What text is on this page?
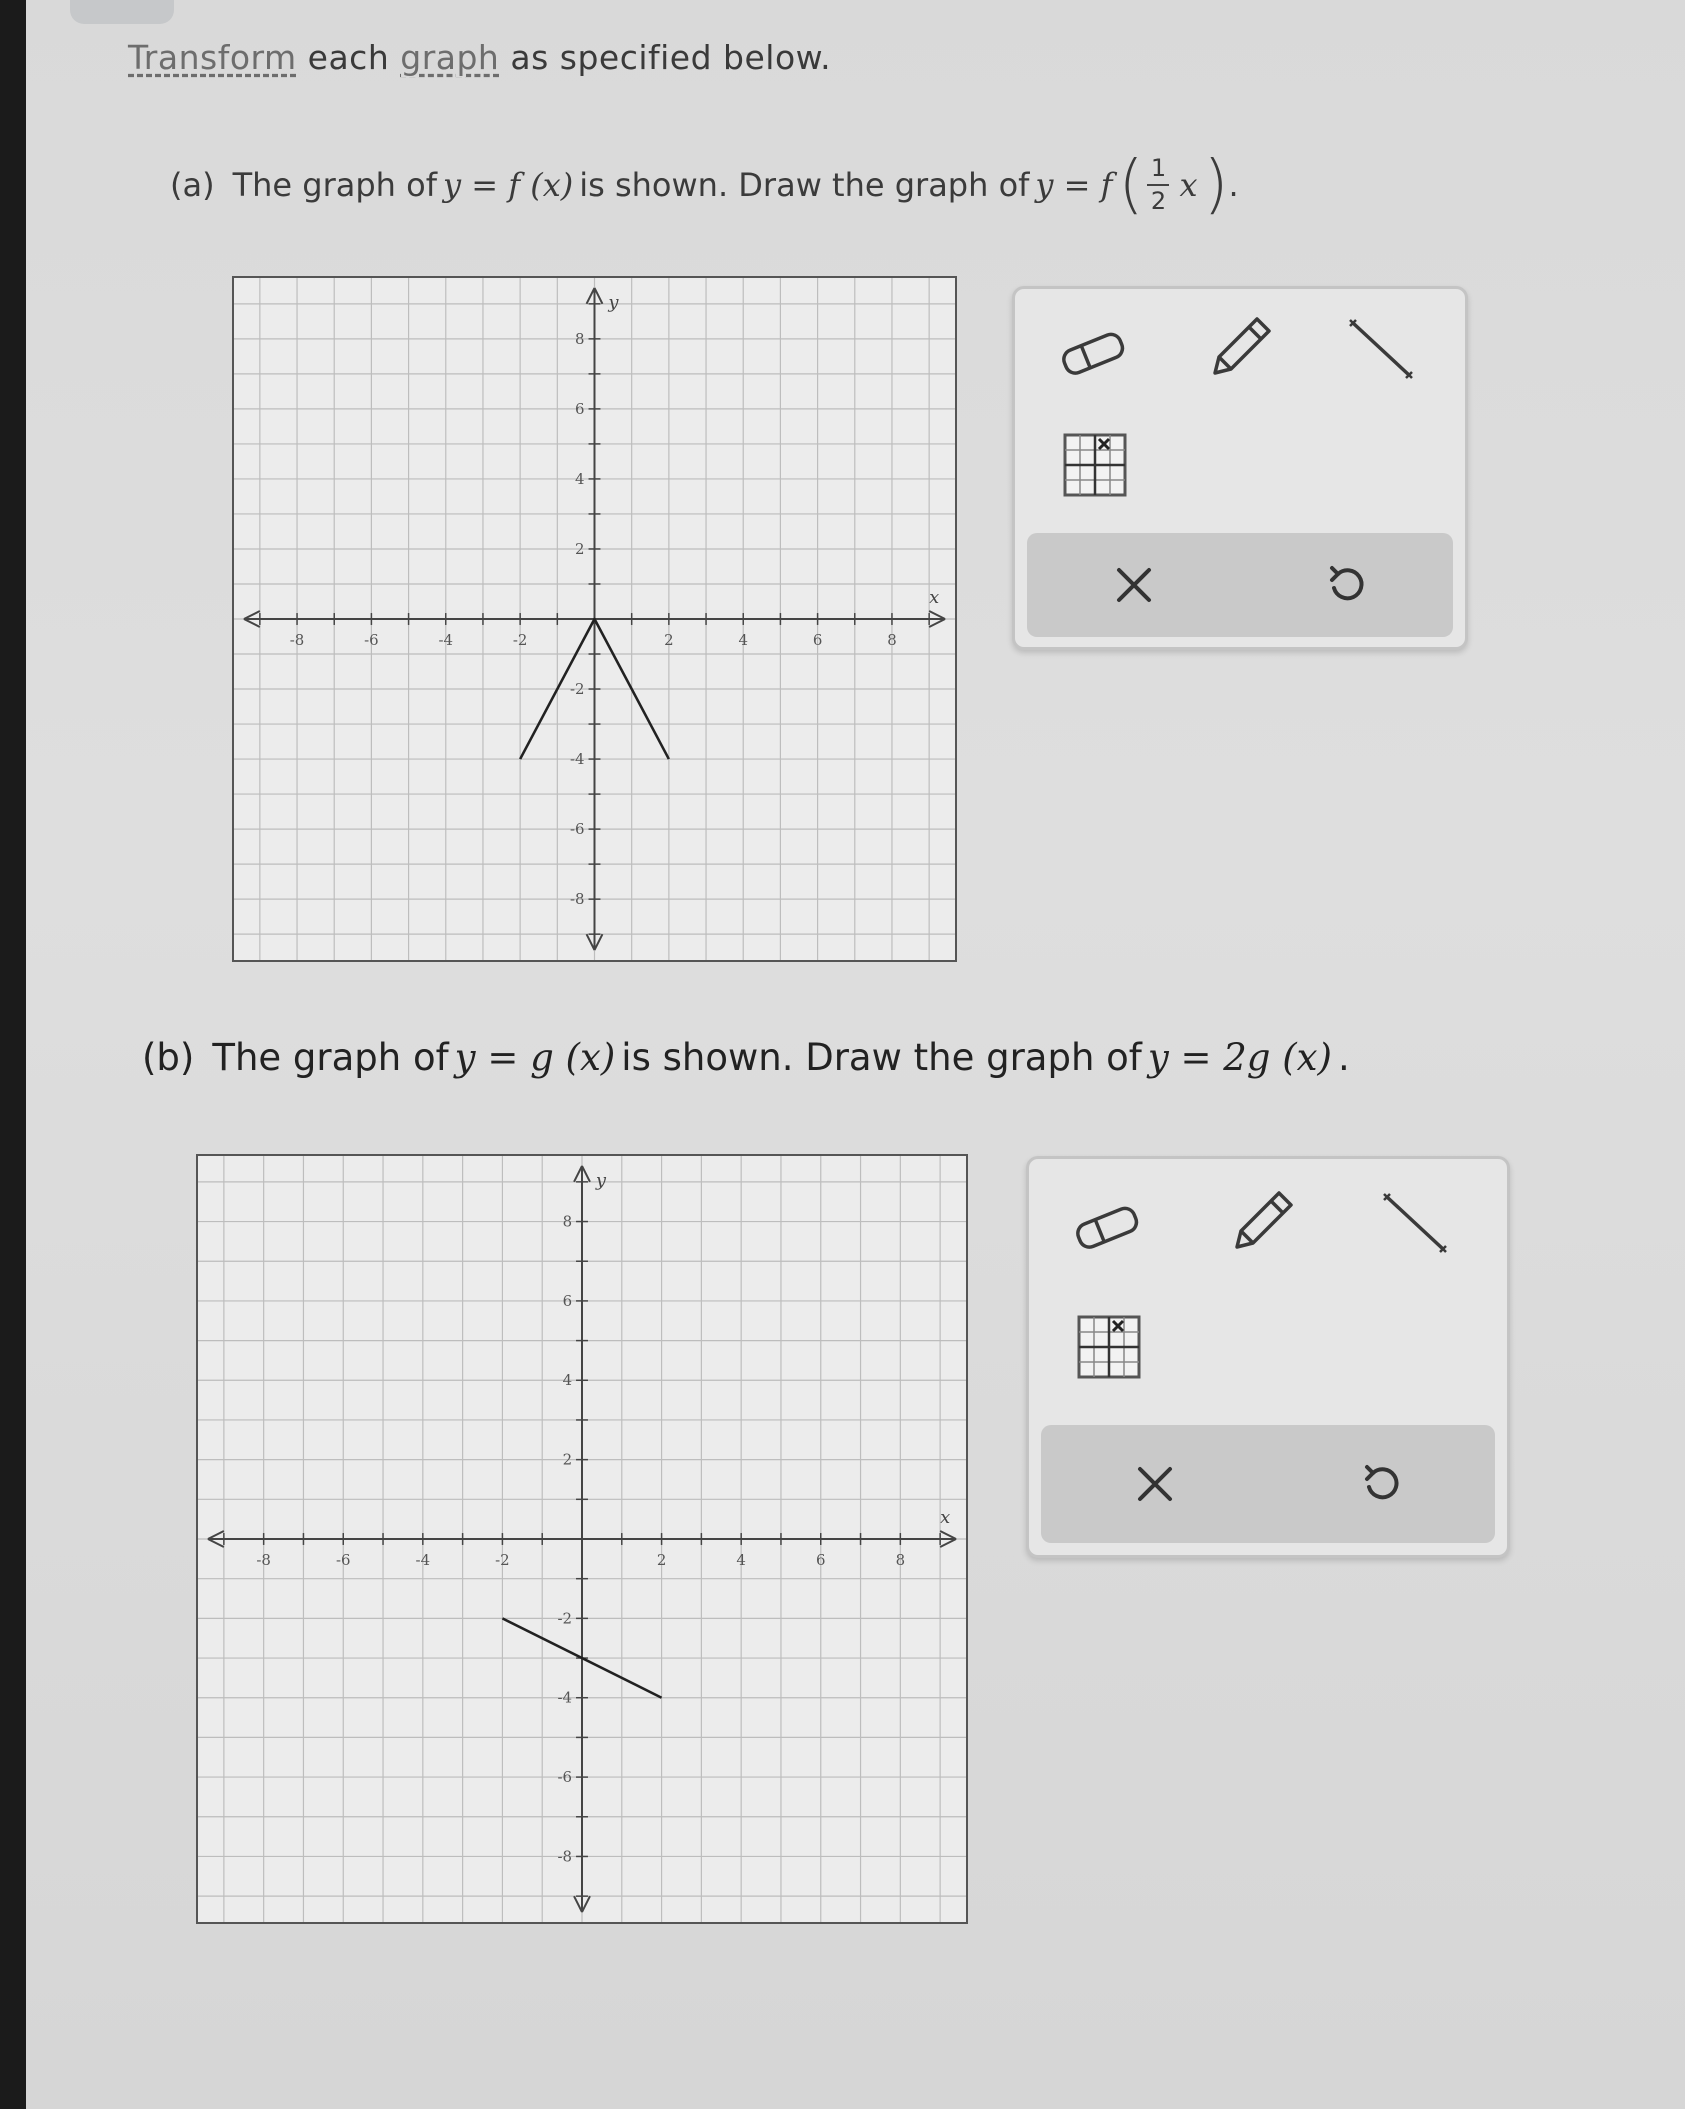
Transform each graph as specified below.
(a) The graph of y = f (x) is shown. Draw the graph of y = f ( $\frac{1}{2}$ x ) .
-8	-6	-4	-2	2	4	6	8
8
6
4
2
-2
-4
-6
-8
x
y
(b) The graph of y = g (x) is shown. Draw the graph of y = 2g (x) .
-8	-6	-4	-2	2	4	6	8
8
6
4
2
-2
-4
-6
-8
x
y
